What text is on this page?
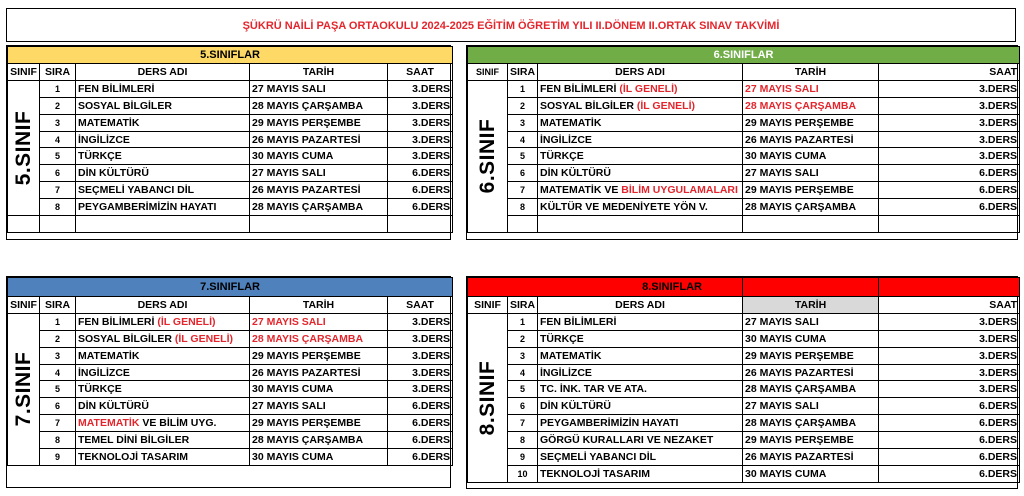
ŞÜKRÜ NAİLİ PAŞA ORTAOKULU 2024-2025 EĞİTİM ÖĞRETİM YILI II.DÖNEM II.ORTAK SINAV TAKVİMİ
5.SINIFLAR				
SINIF	SIRA	DERS ADI	TARİH	SAAT

5.SINIF	1	FEN BİLİMLERİ	27 MAYIS SALI	3.DERS
	2	SOSYAL BİLGİLER	28 MAYIS ÇARŞAMBA	3.DERS
	3	MATEMATİK	29 MAYIS PERŞEMBE	3.DERS
	4	İNGİLİZCE	26 MAYIS PAZARTESİ	3.DERS
	5	TÜRKÇE	30 MAYIS CUMA	3.DERS
	6	DİN KÜLTÜRÜ	27 MAYIS SALI	6.DERS
	7	SEÇMELİ YABANCI DİL	26 MAYIS PAZARTESİ	6.DERS
	8	PEYGAMBERİMİZİN HAYATI	28 MAYIS ÇARŞAMBA	6.DERS

6.SINIFLAR				
SINIF	SIRA	DERS ADI	TARİH	SAAT

6.SINIF	1	FEN BİLİMLERİ (İL GENELİ)	27 MAYIS SALI	3.DERS
	2	SOSYAL BİLGİLER (İL GENELİ)	28 MAYIS ÇARŞAMBA	3.DERS
	3	MATEMATİK	29 MAYIS PERŞEMBE	3.DERS
	4	İNGİLİZCE	26 MAYIS PAZARTESİ	3.DERS
	5	TÜRKÇE	30 MAYIS CUMA	3.DERS
	6	DİN KÜLTÜRÜ	27 MAYIS SALI	6.DERS
	7	MATEMATİK VE BİLİM UYGULAMALARI	29 MAYIS PERŞEMBE	6.DERS
	8	KÜLTÜR VE MEDENİYETE YÖN V.	28 MAYIS ÇARŞAMBA	6.DERS

7.SINIFLAR				
SINIF	SIRA	DERS ADI	TARİH	SAAT

7.SINIF	1	FEN BİLİMLERİ (İL GENELİ)	27 MAYIS SALI	3.DERS
	2	SOSYAL BİLGİLER (İL GENELİ)	28 MAYIS ÇARŞAMBA	3.DERS
	3	MATEMATİK	29 MAYIS PERŞEMBE	3.DERS
	4	İNGİLİZCE	26 MAYIS PAZARTESİ	3.DERS
	5	TÜRKÇE	30 MAYIS CUMA	3.DERS
	6	DİN KÜLTÜRÜ	27 MAYIS SALI	6.DERS
	7	MATEMATİK VE BİLİM UYG.	29 MAYIS PERŞEMBE	6.DERS
	8	TEMEL DİNİ BİLGİLER	28 MAYIS ÇARŞAMBA	6.DERS
	9	TEKNOLOJİ TASARIM	30 MAYIS CUMA	6.DERS
8.SINIFLAR				
SINIF	SIRA	DERS ADI	TARİH	SAAT

8.SINIF	1	FEN BİLİMLERİ	27 MAYIS SALI	3.DERS
	2	TÜRKÇE	30 MAYIS CUMA	3.DERS
	3	MATEMATİK	29 MAYIS PERŞEMBE	3.DERS
	4	İNGİLİZCE	26 MAYIS PAZARTESİ	3.DERS
	5	TC. İNK. TAR VE ATA.	28 MAYIS ÇARŞAMBA	3.DERS
	6	DİN KÜLTÜRÜ	27 MAYIS SALI	6.DERS
	7	PEYGAMBERİMİZİN HAYATI	28 MAYIS ÇARŞAMBA	6.DERS
	8	GÖRGÜ KURALLARI VE NEZAKET	29 MAYIS PERŞEMBE	6.DERS
	9	SEÇMELİ YABANCI DİL	26 MAYIS PAZARTESİ	6.DERS
	10	TEKNOLOJİ TASARIM	30 MAYIS CUMA	6.DERS
